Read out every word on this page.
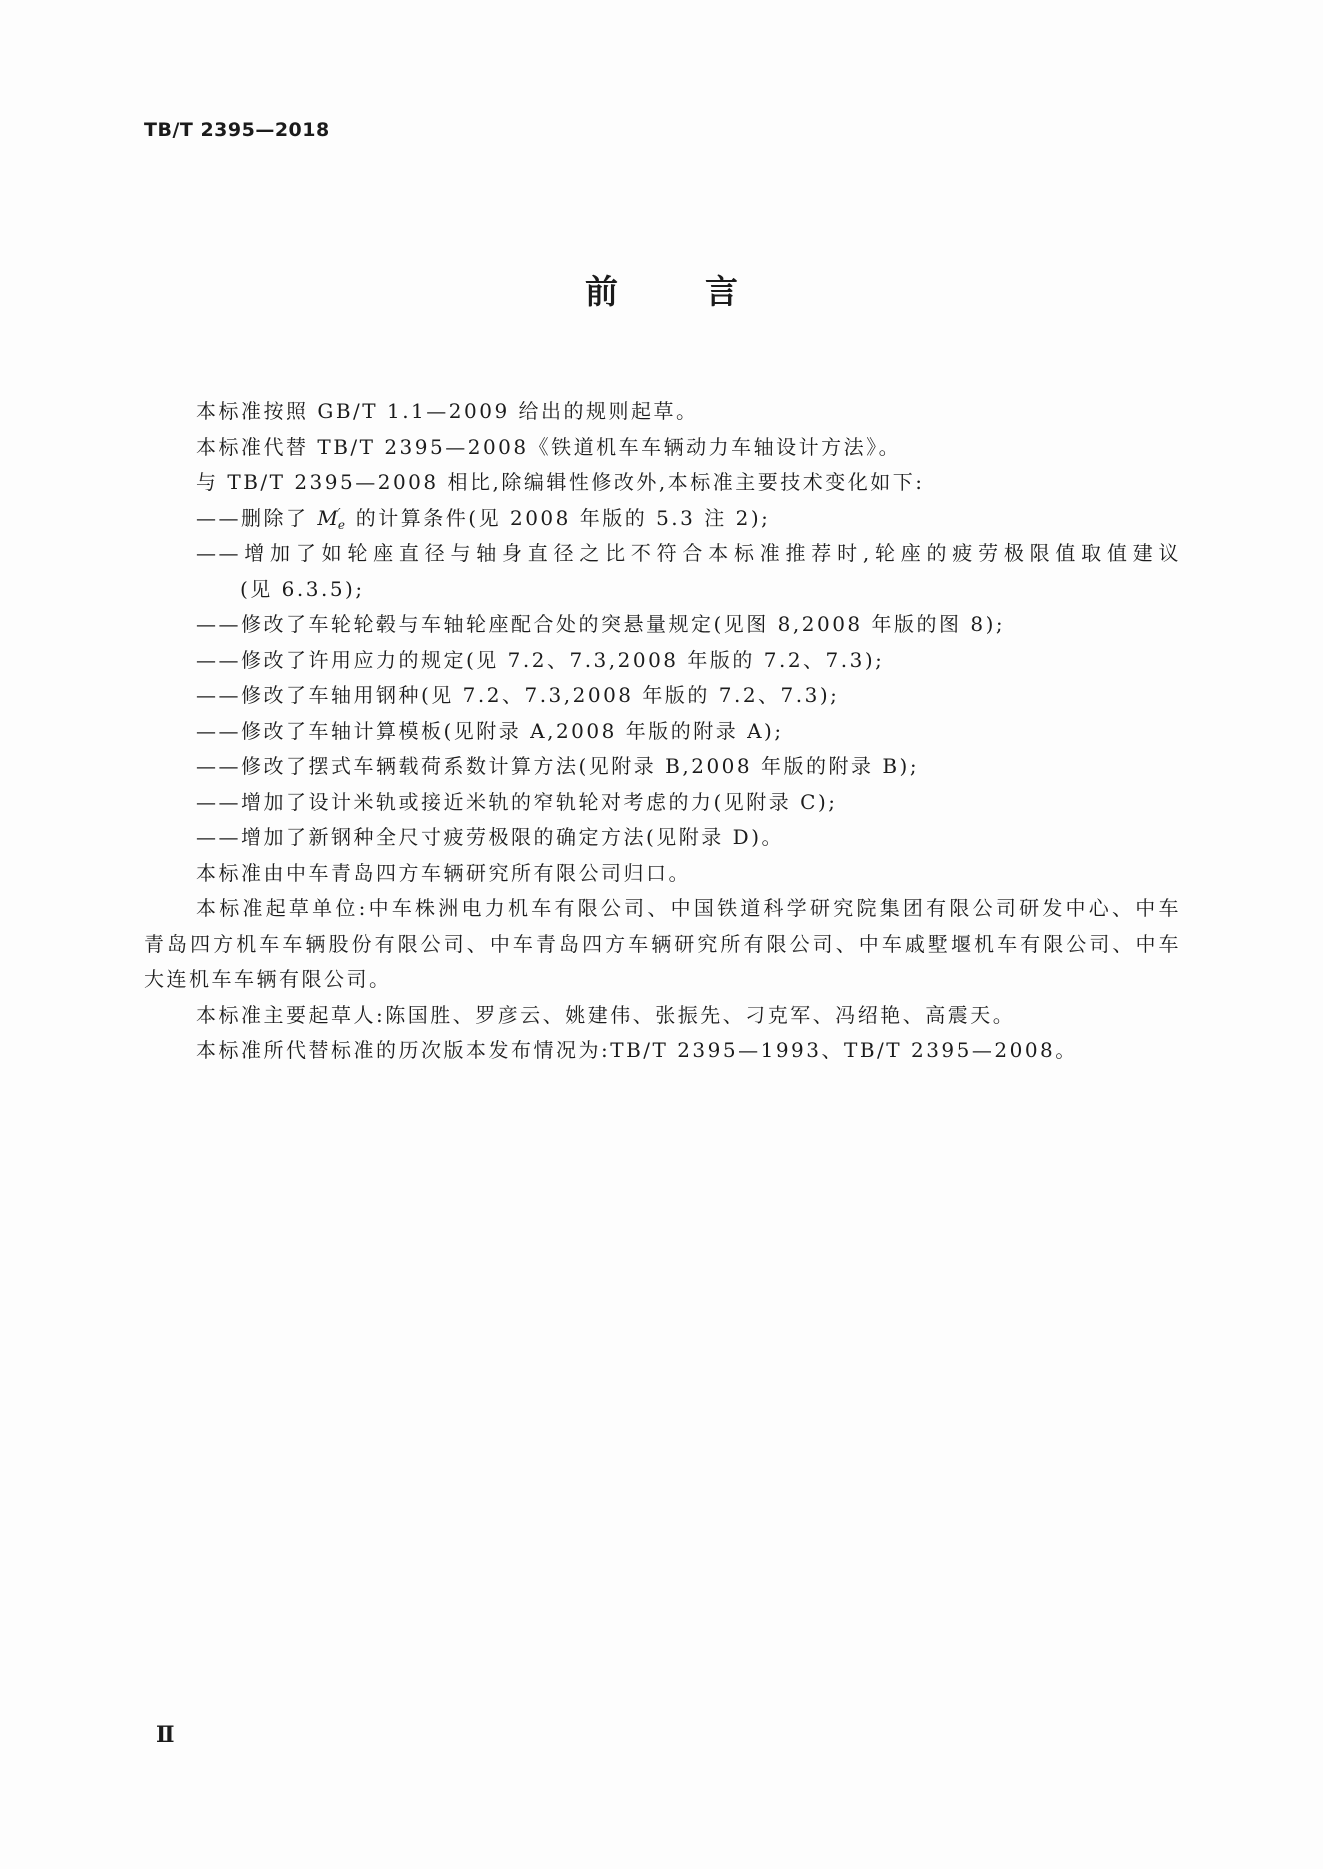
TB/T 2395—2018
前　言
本标准按照 GB/T 1.1—2009 给出的规则起草。
本标准代替 TB/T 2395—2008《铁道机车车辆动力车轴设计方法》。
与 TB/T 2395—2008 相比,除编辑性修改外,本标准主要技术变化如下:
——删除了 M ′
e 的计算条件(见 2008 年版的 5.3 注 2);
——增加了如轮座直径与轴身直径之比不符合本标准推荐时,轮座的疲劳极限值取值建议
(见 6.3.5);
——修改了车轮轮毂与车轴轮座配合处的突悬量规定(见图 8,2008 年版的图 8);
——修改了许用应力的规定(见 7.2、7.3,2008 年版的 7.2、7.3);
——修改了车轴用钢种(见 7.2、7.3,2008 年版的 7.2、7.3);
——修改了车轴计算模板(见附录 A,2008 年版的附录 A);
——修改了摆式车辆载荷系数计算方法(见附录 B,2008 年版的附录 B);
——增加了设计米轨或接近米轨的窄轨轮对考虑的力(见附录 C);
——增加了新钢种全尺寸疲劳极限的确定方法(见附录 D)。
本标准由中车青岛四方车辆研究所有限公司归口。
本标准起草单位:中车株洲电力机车有限公司、中国铁道科学研究院集团有限公司研发中心、中车
青岛四方机车车辆股份有限公司、中车青岛四方车辆研究所有限公司、中车戚墅堰机车有限公司、中车
大连机车车辆有限公司。
本标准主要起草人:陈国胜、罗彦云、姚建伟、张振先、刁克军、冯绍艳、高震天。
本标准所代替标准的历次版本发布情况为:TB/T 2395—1993、TB/T 2395—2008。
Ⅱ
